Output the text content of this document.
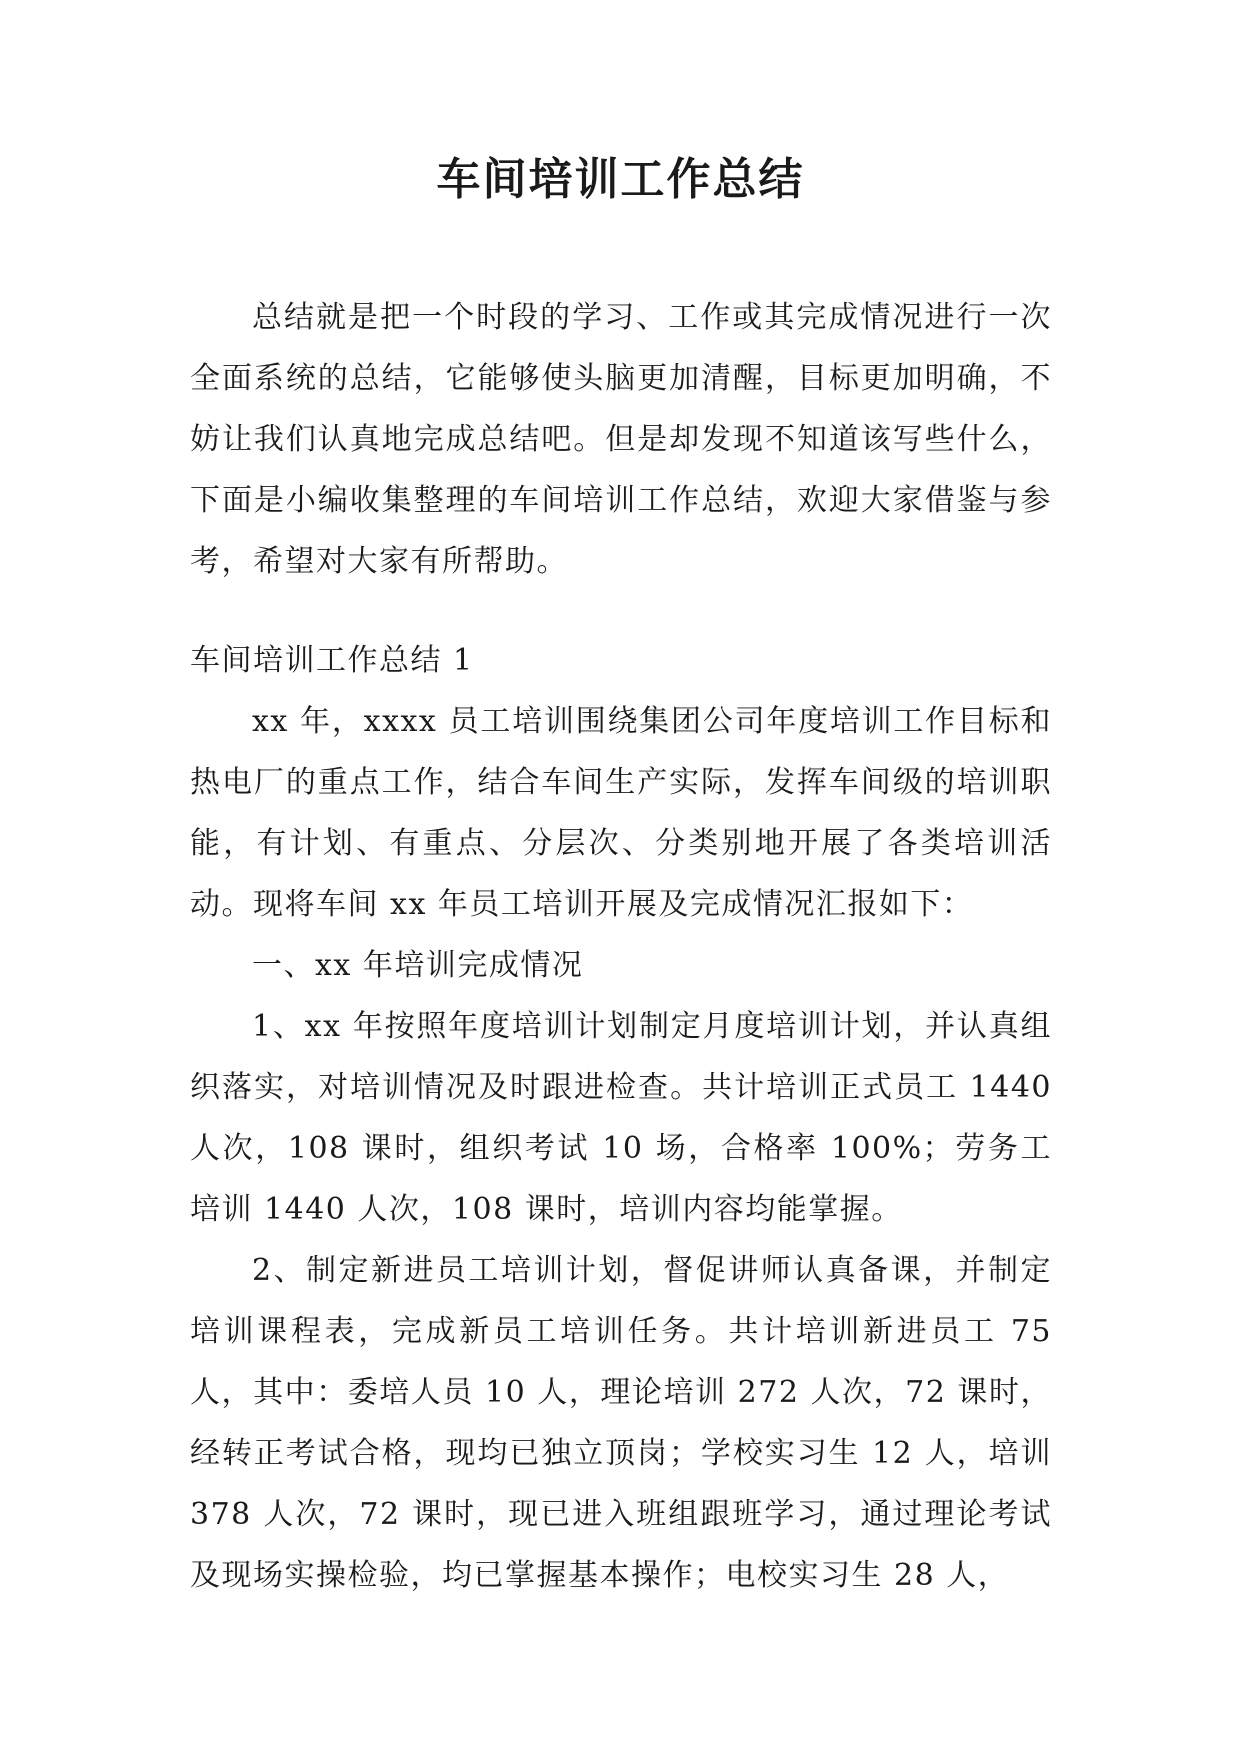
车间培训工作总结

总结就是把一个时段的学习、工作或其完成情况进行一次全面系统的总结，它能够使头脑更加清醒，目标更加明确，不妨让我们认真地完成总结吧。但是却发现不知道该写些什么，下面是小编收集整理的车间培训工作总结，欢迎大家借鉴与参考，希望对大家有所帮助。

车间培训工作总结 1

xx 年，xxxx 员工培训围绕集团公司年度培训工作目标和热电厂的重点工作，结合车间生产实际，发挥车间级的培训职能，有计划、有重点、分层次、分类别地开展了各类培训活动。现将车间 xx 年员工培训开展及完成情况汇报如下：

一、xx 年培训完成情况

1、xx 年按照年度培训计划制定月度培训计划，并认真组织落实，对培训情况及时跟进检查。共计培训正式员工 1440 人次，108 课时，组织考试 10 场，合格率 100%；劳务工培训 1440 人次，108 课时，培训内容均能掌握。

2、制定新进员工培训计划，督促讲师认真备课，并制定培训课程表，完成新员工培训任务。共计培训新进员工 75 人，其中：委培人员 10 人，理论培训 272 人次，72 课时，经转正考试合格，现均已独立顶岗；学校实习生 12 人，培训 378 人次，72 课时，现已进入班组跟班学习，通过理论考试及现场实操检验，均已掌握基本操作；电校实习生 28 人，
